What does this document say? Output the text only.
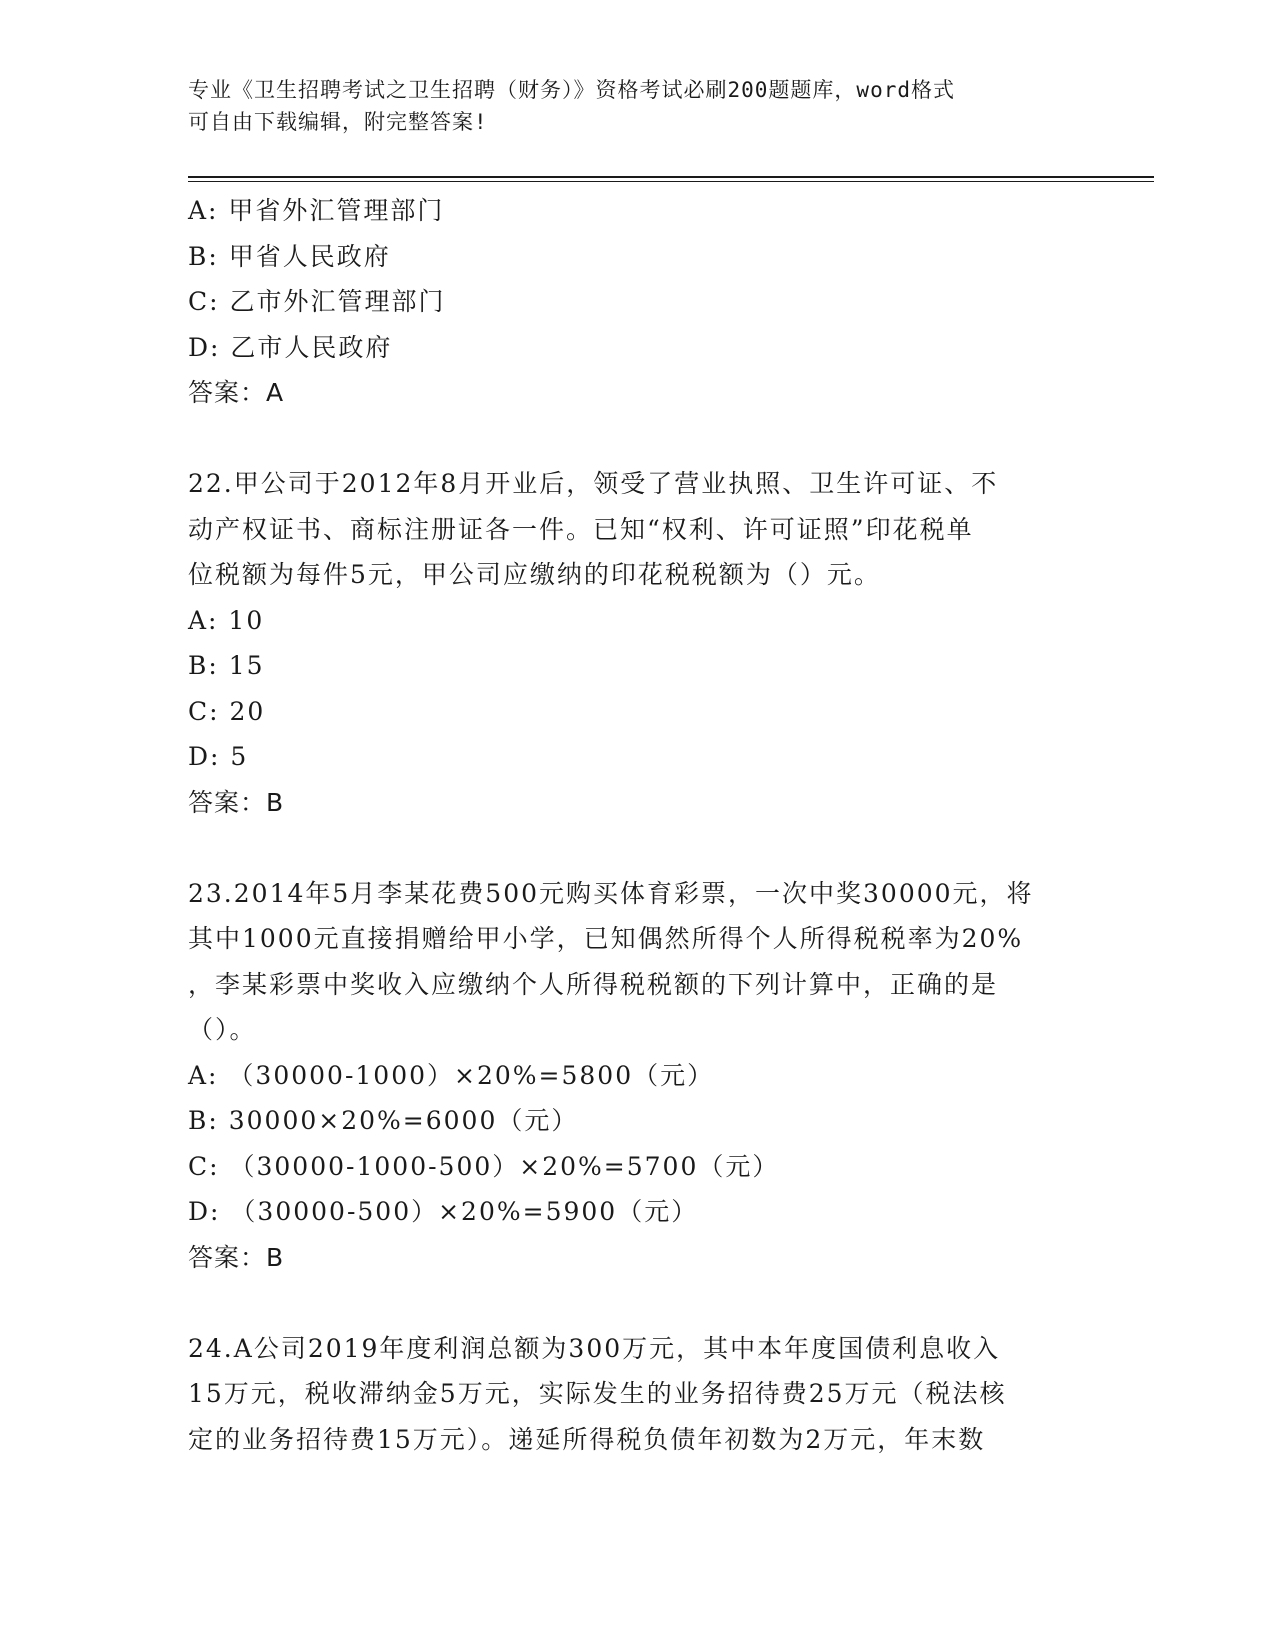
专业《卫生招聘考试之卫生招聘（财务）》资格考试必刷200题题库，word格式
可自由下载编辑，附完整答案!
A: 甲省外汇管理部门
B: 甲省人民政府
C: 乙市外汇管理部门
D: 乙市人民政府
答案：A
22.甲公司于2012年8月开业后，领受了营业执照、卫生许可证、不
动产权证书、商标注册证各一件。已知“权利、许可证照”印花税单
位税额为每件5元，甲公司应缴纳的印花税税额为（）元。
A: 10
B: 15
C: 20
D: 5
答案：B
23.2014年5月李某花费500元购买体育彩票，一次中奖30000元，将
其中1000元直接捐赠给甲小学，已知偶然所得个人所得税税率为20%
，李某彩票中奖收入应缴纳个人所得税税额的下列计算中，正确的是
（）。
A: （30000-1000）×20%=5800（元）
B: 30000×20%=6000（元）
C: （30000-1000-500）×20%=5700（元）
D: （30000-500）×20%=5900（元）
答案：B
24.A公司2019年度利润总额为300万元，其中本年度国债利息收入
15万元，税收滞纳金5万元，实际发生的业务招待费25万元（税法核
定的业务招待费15万元）。递延所得税负债年初数为2万元，年末数
